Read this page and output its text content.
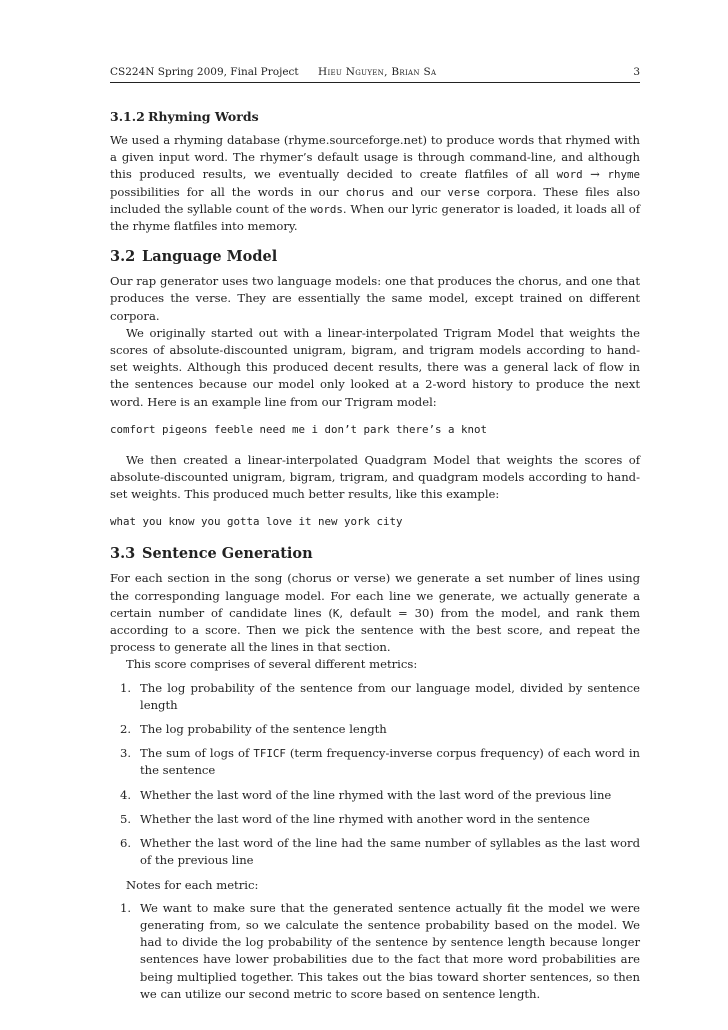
CS224N Spring 2009, Final Project Hieu Nguyen, Brian Sa	3
3.1.2 Rhyming Words

We used a rhyming database (rhyme.sourceforge.net) to produce words that rhymed with a given input word. The rhymer’s default usage is through command-line, and although this produced results, we eventually decided to create flatfiles of all word → rhyme possibilities for all the words in our chorus and our verse corpora. These files also included the syllable count of the words. When our lyric generator is loaded, it loads all of the rhyme flatfiles into memory.

3.2 Language Model

Our rap generator uses two language models: one that produces the chorus, and one that produces the verse. They are essentially the same model, except trained on different corpora.

We originally started out with a linear-interpolated Trigram Model that weights the scores of absolute-discounted unigram, bigram, and trigram models according to hand-set weights. Although this produced decent results, there was a general lack of flow in the sentences because our model only looked at a 2-word history to produce the next word. Here is an example line from our Trigram model:

comfort pigeons feeble need me i don’t park there’s a knot

We then created a linear-interpolated Quadgram Model that weights the scores of absolute-discounted unigram, bigram, trigram, and quadgram models according to hand-set weights. This produced much better results, like this example:

what you know you gotta love it new york city
3.3 Sentence Generation

For each section in the song (chorus or verse) we generate a set number of lines using the corresponding language model. For each line we generate, we actually generate a certain number of candidate lines (K, default = 30) from the model, and rank them according to a score. Then we pick the sentence with the best score, and repeat the process to generate all the lines in that section.

This score comprises of several different metrics:

1. The log probability of the sentence from our language model, divided by sentence length
2. The log probability of the sentence length
3. The sum of logs of TFICF (term frequency-inverse corpus frequency) of each word in the sentence
4. Whether the last word of the line rhymed with the last word of the previous line
5. Whether the last word of the line rhymed with another word in the sentence
6. Whether the last word of the line had the same number of syllables as the last word of the previous line

Notes for each metric:

1. We want to make sure that the generated sentence actually fit the model we were generating from, so we calculate the sentence probability based on the model. We had to divide the log probability of the sentence by sentence length because longer sentences have lower probabilities due to the fact that more word probabilities are being multiplied together. This takes out the bias toward shorter sentences, so then we can utilize our second metric to score based on sentence length.
